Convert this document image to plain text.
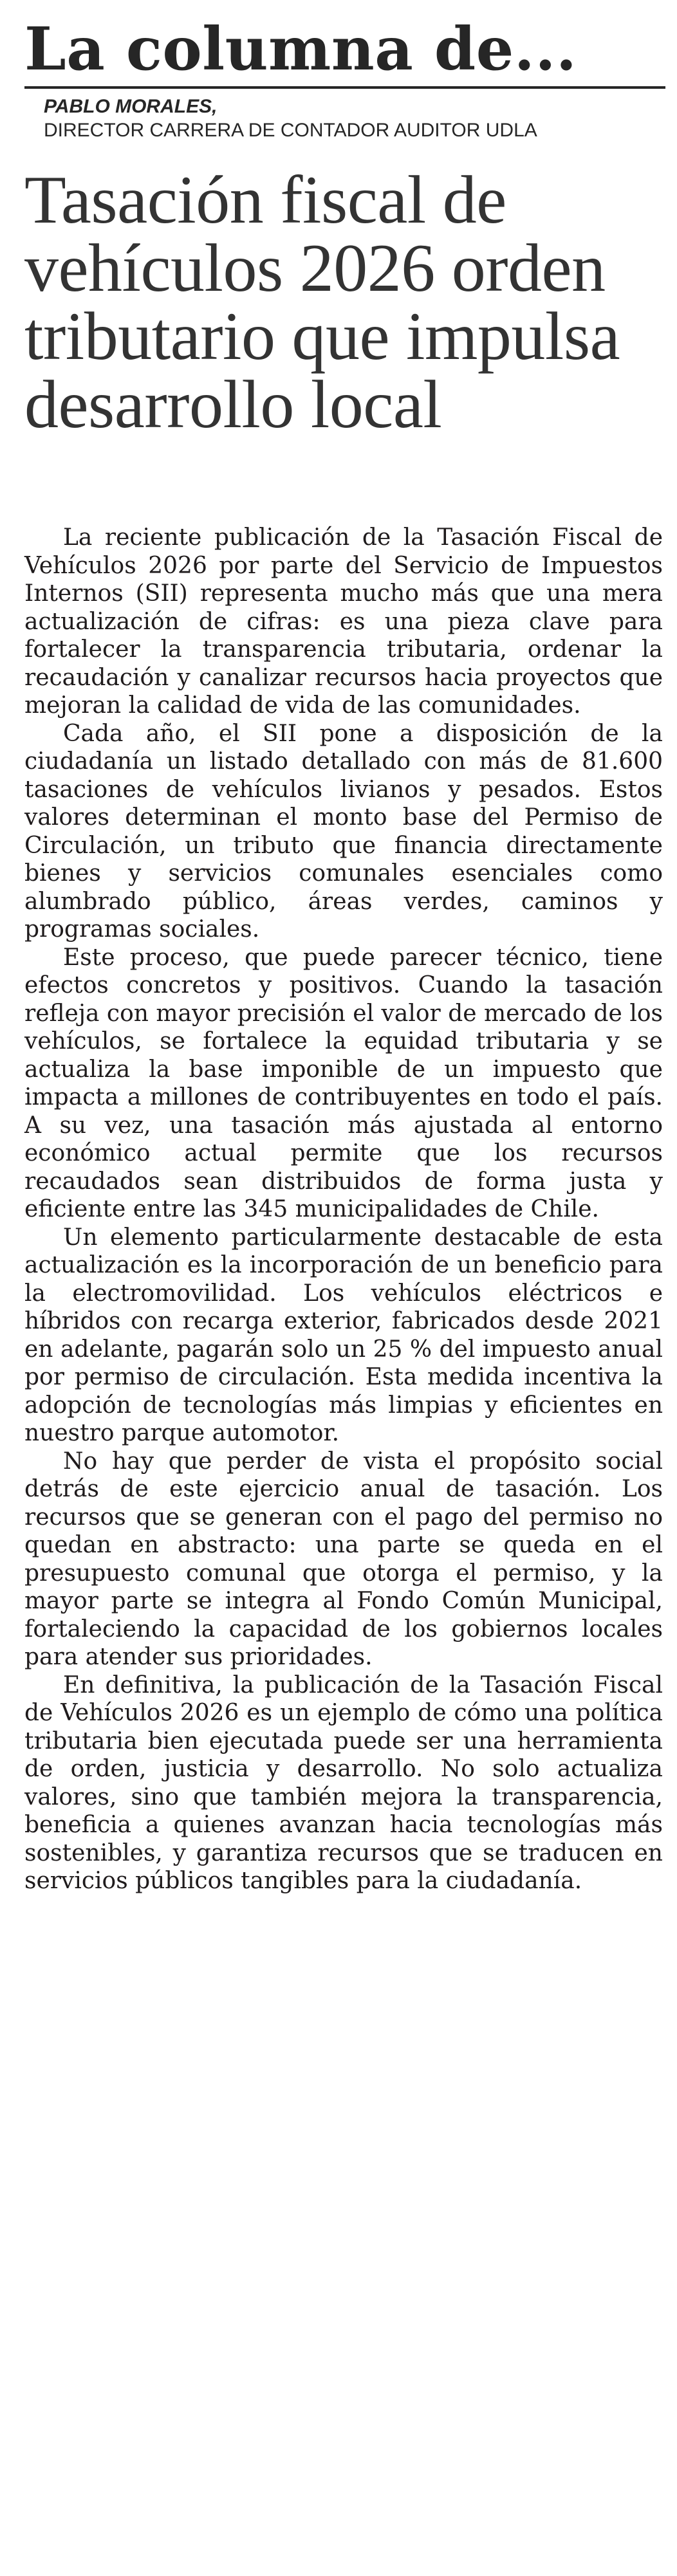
La columna de...
PABLO MORALES,
DIRECTOR CARRERA DE CONTADOR AUDITOR UDLA
Tasación fiscal de vehículos 2026 orden tributario que impulsa desarrollo local

La reciente publicación de la Tasación Fiscal de Vehículos 2026 por parte del Servicio de Impuestos Internos (SII) representa mucho más que una mera actualización de cifras: es una pieza clave para fortalecer la transparencia tributaria, ordenar la recaudación y canalizar recursos hacia proyectos que mejoran la calidad de vida de las comunidades.

Cada año, el SII pone a disposición de la ciudadanía un listado detallado con más de 81.600 tasaciones de vehículos livianos y pesados. Estos valores determinan el monto base del Permiso de Circulación, un tributo que financia directamente bienes y servicios comunales esenciales como alumbrado público, áreas verdes, caminos y programas sociales.

Este proceso, que puede parecer técnico, tiene efectos concretos y positivos. Cuando la tasación refleja con mayor precisión el valor de mercado de los vehículos, se fortalece la equidad tributaria y se actualiza la base imponible de un impuesto que impacta a millones de contribuyentes en todo el país. A su vez, una tasación más ajustada al entorno económico actual permite que los recursos recaudados sean distribuidos de forma justa y eficiente entre las 345 municipalidades de Chile.

Un elemento particularmente destacable de esta actualización es la incorporación de un beneficio para la electromovilidad. Los vehículos eléctricos e híbridos con recarga exterior, fabricados desde 2021 en adelante, pagarán solo un 25 % del impuesto anual por permiso de circulación. Esta medida incentiva la adopción de tecnologías más limpias y eficientes en nuestro parque automotor.

No hay que perder de vista el propósito social detrás de este ejercicio anual de tasación. Los recursos que se generan con el pago del permiso no quedan en abstracto: una parte se queda en el presupuesto comunal que otorga el permiso, y la mayor parte se integra al Fondo Común Municipal, fortaleciendo la capacidad de los gobiernos locales para atender sus prioridades.

En definitiva, la publicación de la Tasación Fiscal de Vehículos 2026 es un ejemplo de cómo una política tributaria bien ejecutada puede ser una herramienta de orden, justicia y desarrollo. No solo actualiza valores, sino que también mejora la transparencia, beneficia a quienes avanzan hacia tecnologías más sostenibles, y garantiza recursos que se traducen en servicios públicos tangibles para la ciudadanía.
